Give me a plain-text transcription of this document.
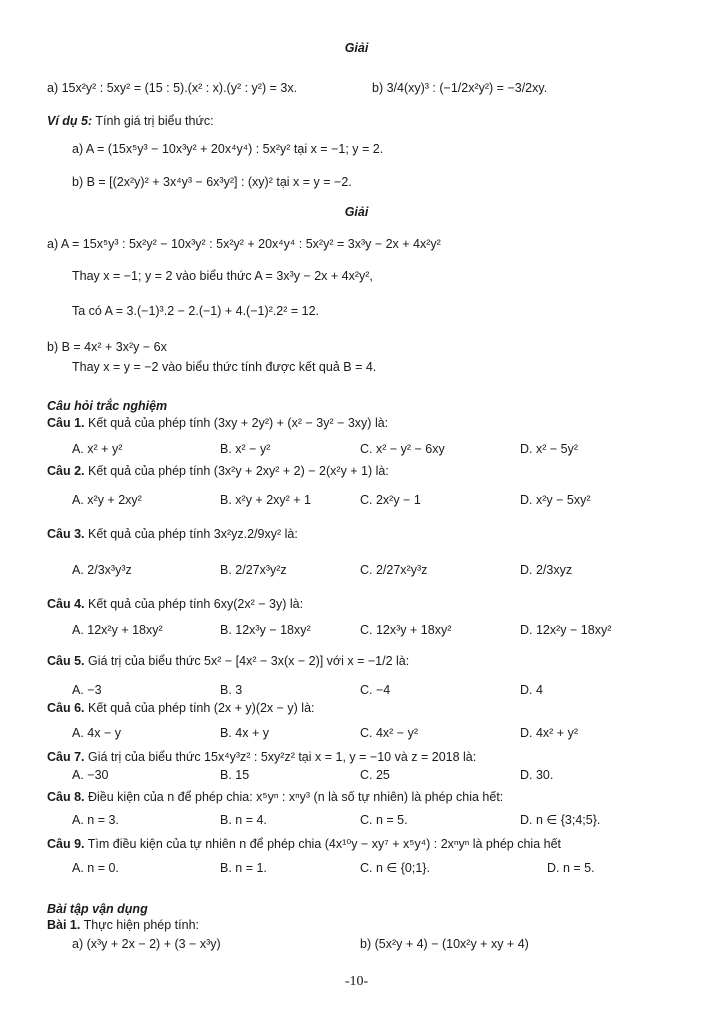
Giải
a) 15x²y² : 5xy² = (15 : 5).(x² : x).(y² : y²) = 3x.	b) 3/4(xy)³ : (−1/2x²y²) = −3/2xy.
Ví dụ 5: Tính giá trị biểu thức:
a) A = (15x⁵y³ − 10x³y² + 20x⁴y⁴) : 5x²y² tại x = −1; y = 2.
b) B = [(2x²y)² + 3x⁴y³ − 6x³y²] : (xy)² tại x = y = −2.
Giải
a) A = 15x⁵y³ : 5x²y² − 10x³y² : 5x²y² + 20x⁴y⁴ : 5x²y² = 3x³y − 2x + 4x²y²
Thay x = −1; y = 2 vào biểu thức A = 3x³y − 2x + 4x²y²,
Ta có A = 3.(−1)³.2 − 2.(−1) + 4.(−1)².2² = 12.
b) B = 4x² + 3x²y − 6x
Thay x = y = −2 vào biểu thức tính được kết quả B = 4.
Câu hỏi trắc nghiệm
Câu 1. Kết quả của phép tính (3xy + 2y²) + (x² − 3y² − 3xy) là:
A. x² + y²	B. x² − y²	C. x² − y² − 6xy	D. x² − 5y²
Câu 2. Kết quả của phép tính (3x²y + 2xy² + 2) − 2(x²y + 1) là:
A. x²y + 2xy²	B. x²y + 2xy² + 1	C. 2x²y − 1	D. x²y − 5xy²
Câu 3. Kết quả của phép tính 3x²yz.2/9xy² là:
A. 2/3x³y³z	B. 2/27x³y²z	C. 2/27x²y³z	D. 2/3xyz
Câu 4. Kết quả của phép tính 6xy(2x² − 3y) là:
A. 12x²y + 18xy²	B. 12x³y − 18xy²	C. 12x³y + 18xy²	D. 12x²y − 18xy²
Câu 5. Giá trị của biểu thức 5x² − [4x² − 3x(x − 2)] với x = −1/2 là:
A. −3	B. 3	C. −4	D. 4
Câu 6. Kết quả của phép tính (2x + y)(2x − y) là:
A. 4x − y	B. 4x + y	C. 4x² − y²	D. 4x² + y²
Câu 7. Giá trị của biểu thức 15x⁴y³z² : 5xy²z² tại x = 1, y = −10 và z = 2018 là:
A. −30	B. 15	C. 25	D. 30.
Câu 8. Điều kiện của n để phép chia: x⁵yⁿ : xⁿy³ (n là số tự nhiên) là phép chia hết:
A. n = 3.	B. n = 4.	C. n = 5.	D. n ∈ {3;4;5}.
Câu 9. Tìm điều kiện của tự nhiên n để phép chia (4x¹⁰y − xy⁷ + x⁵y⁴) : 2xⁿyⁿ là phép chia hết
A. n = 0.	B. n = 1.	C. n ∈ {0;1}.	D. n = 5.
Bài tập vận dụng
Bài 1. Thực hiện phép tính:
a) (x³y + 2x − 2) + (3 − x³y)	b) (5x²y + 4) − (10x²y + xy + 4)
-10-
